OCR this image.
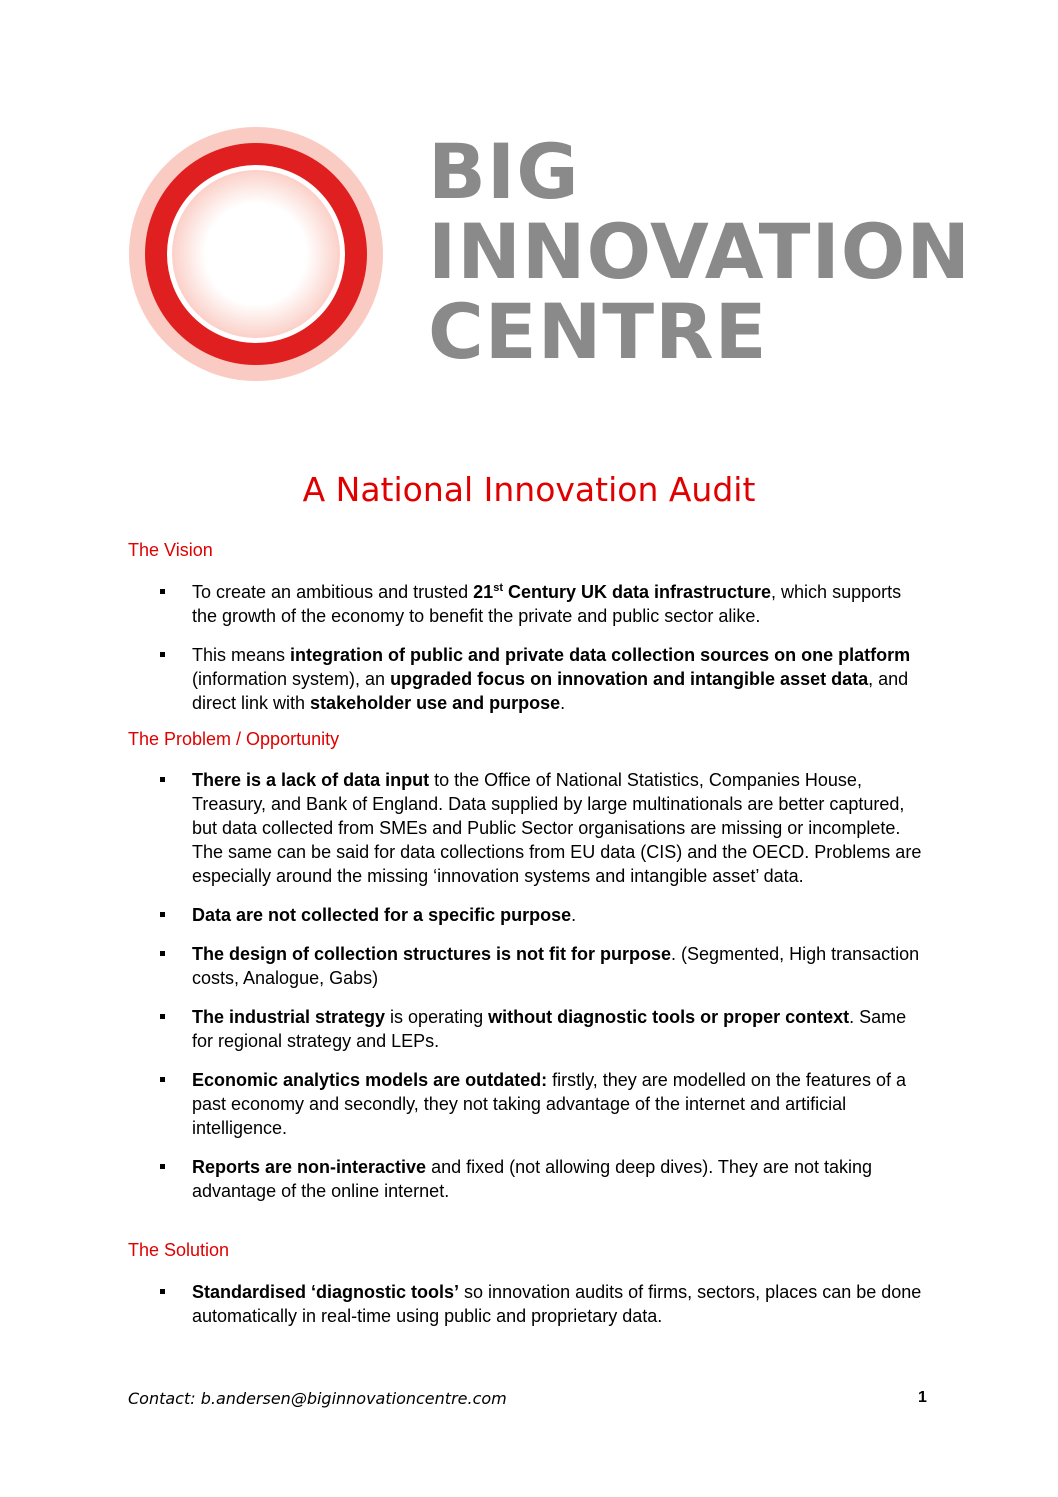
BIG
INNOVATION
CENTRE
A National Innovation Audit
The Vision
To create an ambitious and trusted 21st Century UK data infrastructure, which supports the growth of the economy to benefit the private and public sector alike.
This means integration of public and private data collection sources on one platform (information system), an upgraded focus on innovation and intangible asset data, and direct link with stakeholder use and purpose.
The Problem / Opportunity
There is a lack of data input to the Office of National Statistics, Companies House, Treasury, and Bank of England. Data supplied by large multinationals are better captured, but data collected from SMEs and Public Sector organisations are missing or incomplete. The same can be said for data collections from EU data (CIS) and the OECD. Problems are especially around the missing ‘innovation systems and intangible asset’ data.
Data are not collected for a specific purpose.
The design of collection structures is not fit for purpose. (Segmented, High transaction costs, Analogue, Gabs)
The industrial strategy is operating without diagnostic tools or proper context. Same for regional strategy and LEPs.
Economic analytics models are outdated: firstly, they are modelled on the features of a past economy and secondly, they not taking advantage of the internet and artificial intelligence.
Reports are non-interactive and fixed (not allowing deep dives). They are not taking advantage of the online internet.
The Solution
Standardised ‘diagnostic tools’ so innovation audits of firms, sectors, places can be done automatically in real-time using public and proprietary data.
Contact: b.andersen@biginnovationcentre.com	1
